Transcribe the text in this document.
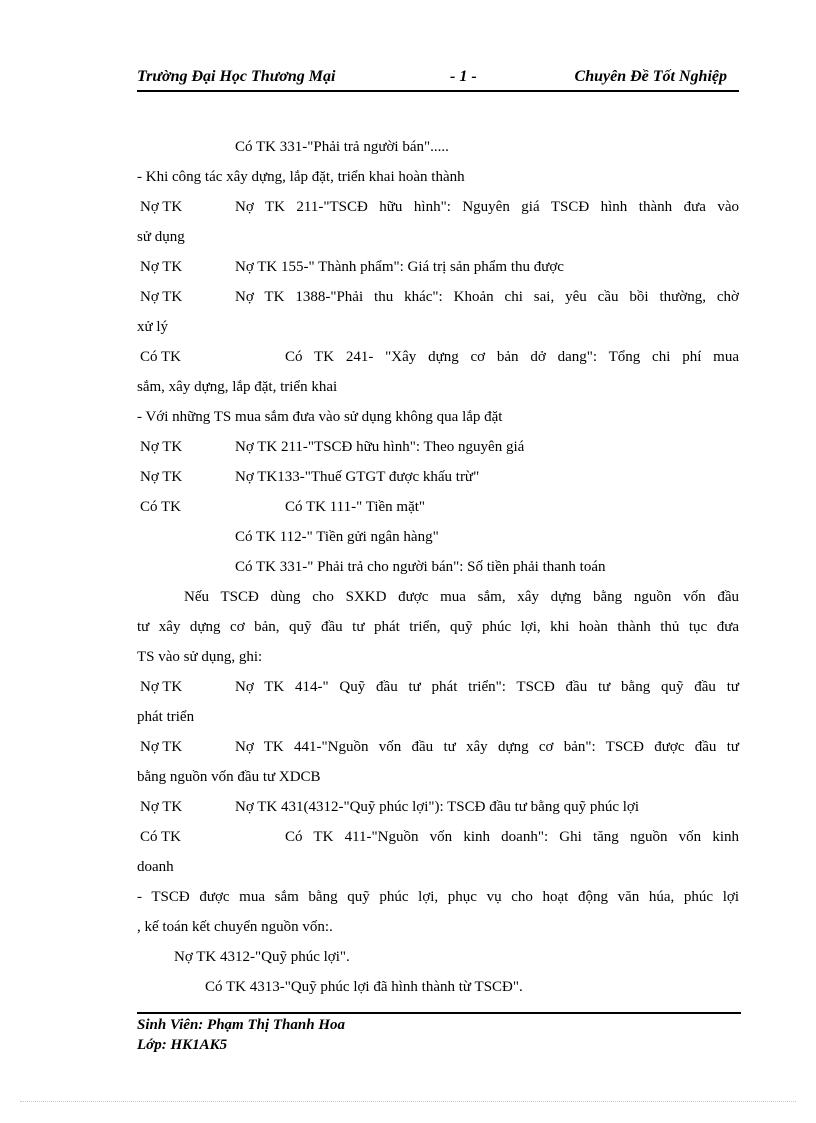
Trường Đại Học Thương Mại	- 1 -	Chuyên Đề Tốt Nghiệp
Có TK 331-"Phải trả người bán".....
- Khi công tác xây dựng, lắp đặt, triển khai hoàn thành
Nợ TK	Nợ TK 211-"TSCĐ hữu hình": Nguyên giá TSCĐ hình thành đưa vào
sử dụng
Nợ TK	Nợ TK 155-" Thành phẩm": Giá trị sản phẩm thu được
Nợ TK	Nợ TK 1388-"Phải thu khác": Khoản chi sai, yêu cầu bồi thường, chờ
xử lý
Có TK	Có TK 241- "Xây dựng cơ bản dở dang": Tổng chi phí mua
sắm, xây dựng, lắp đặt, triển khai
- Với những TS mua sắm đưa vào sử dụng không qua lắp đặt
Nợ TK	Nợ TK 211-"TSCĐ hữu hình": Theo nguyên giá
Nợ TK	Nợ TK133-"Thuế GTGT được khấu trừ"
Có TK	Có TK 111-" Tiền mặt"
Có TK 112-" Tiền gửi ngân hàng"
Có TK 331-" Phải trả cho người bán": Số tiền phải thanh toán
Nếu TSCĐ dùng cho SXKD được mua sắm, xây dựng bằng nguồn vốn đầu
tư xây dựng cơ bản, quỹ đầu tư phát triển, quỹ phúc lợi, khi hoàn thành thủ tục đưa
TS vào sử dụng, ghi:
Nợ TK	Nợ TK 414-" Quỹ đầu tư phát triển": TSCĐ đầu tư bằng quỹ đầu tư
phát triển
Nợ TK	Nợ TK 441-"Nguồn vốn đầu tư xây dựng cơ bản": TSCĐ được đầu tư
bằng nguồn vốn đầu tư XDCB
Nợ TK	Nợ TK 431(4312-"Quỹ phúc lợi"): TSCĐ đầu tư bằng quỹ phúc lợi
Có TK	Có TK 411-"Nguồn vốn kinh doanh": Ghi tăng nguồn vốn kinh
doanh
- TSCĐ được mua sắm bằng quỹ phúc lợi, phục vụ cho hoạt động văn húa, phúc lợi
, kế toán kết chuyển nguồn vốn:.
Nợ TK 4312-"Quỹ phúc lợi".
Có TK 4313-"Quỹ phúc lợi đã hình thành từ TSCĐ".
Sinh Viên: Phạm Thị Thanh Hoa
Lớp: HK1AK5
